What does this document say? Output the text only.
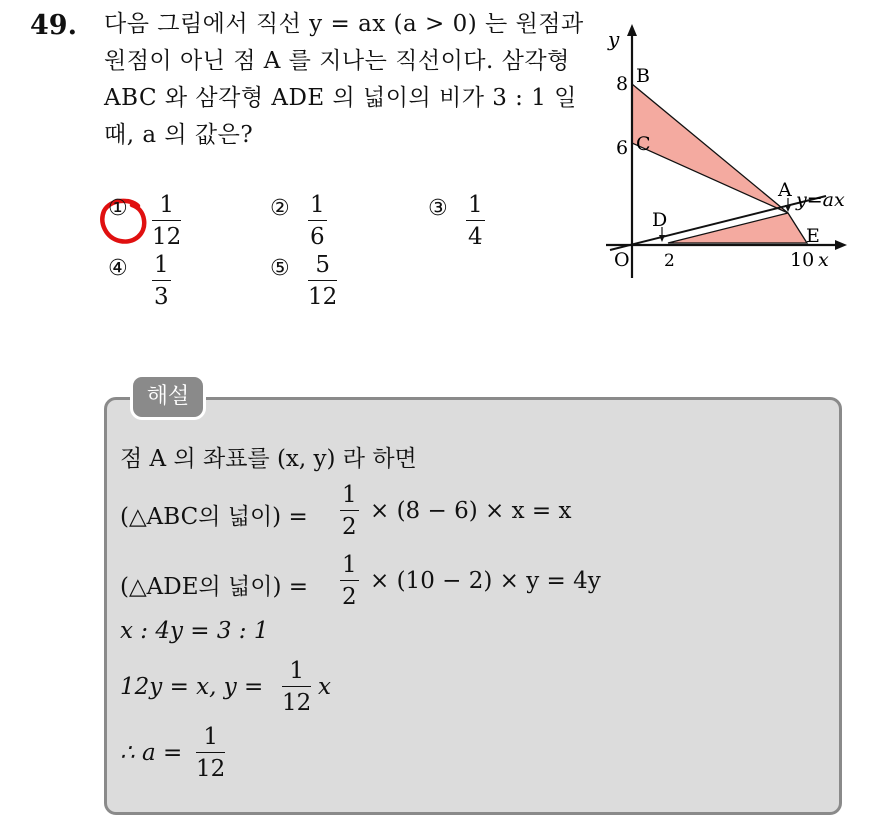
49. 다음 그림에서 직선 y = ax (a > 0) 는 원점과 원점이 아닌 점 A 를 지나는 직선이다. 삼각형 ABC 와 삼각형 ADE 의 넓이의 비가 3 : 1 일 때, a 의 값은?
① 1
12
② 1
6
③ 1
4
④ 1
3
⑤ 5
12
y
8 B
6 C
A y=ax
D
E
O 2	10 x
해설
점 A 의 좌표를 (x, y) 라 하면
(△ABC의 넓이) =
1
2
× (8 − 6) × x = x
(△ADE의 넓이) =
1
2
× (10 − 2) × y = 4y
x : 4y = 3 : 1
12y = x, y =
1
12
x
∴ a =
1
12
